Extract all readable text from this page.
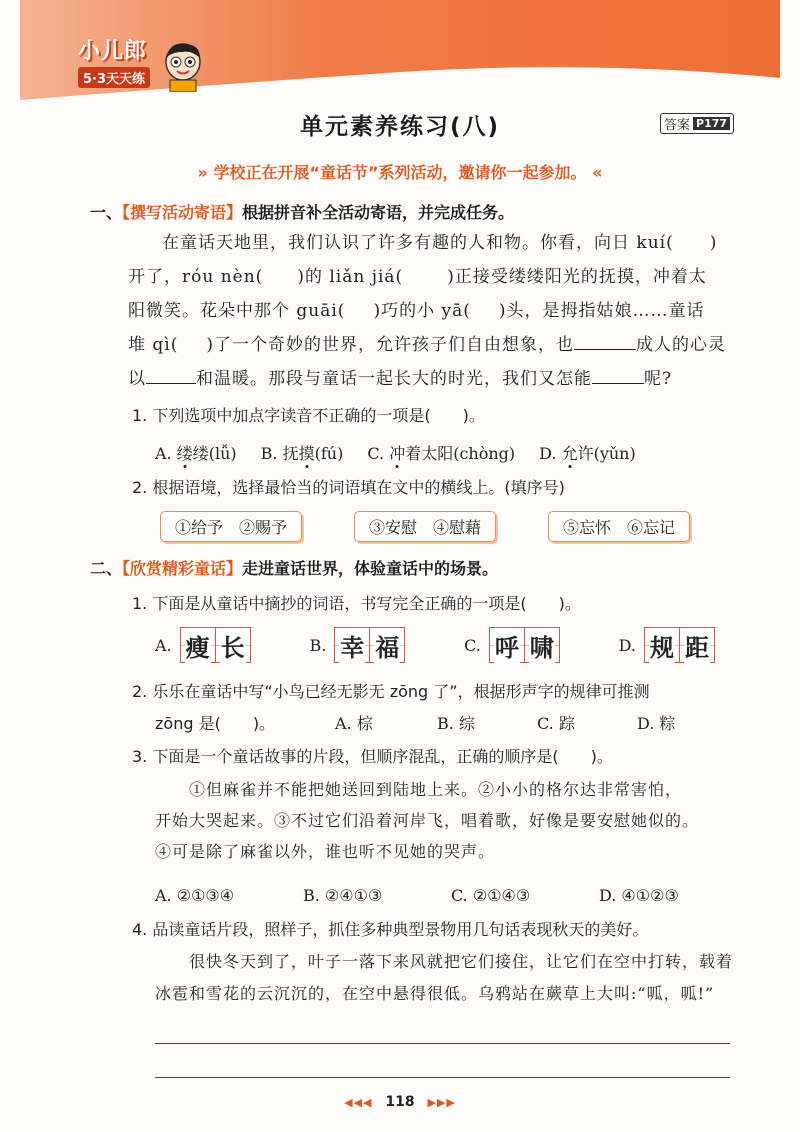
小儿郎
5·3天天练
单元素养练习(八)	答案 P177
» 学校正在开展“童话节”系列活动，邀请你一起参加。 «
一、【撰写活动寄语】根据拼音补全活动寄语，并完成任务。
在童话天地里，我们认识了许多有趣的人和物。你看，向日 kuí( )
开了，róu nèn( )的 liǎn jiá(	)正接受缕缕阳光的抚摸，冲着太
阳微笑。花朵中那个 guāi( )巧的小 yā( )头，是拇指姑娘……童话
堆 qì( )了一个奇妙的世界，允许孩子们自由想象，也	成人的心灵
以	和温暖。那段与童话一起长大的时光，我们又怎能	呢?
1. 下列选项中加点字读音不正确的一项是(　　)。
A. 缕缕(lǚ) B. 抚摸(fú) C. 冲着太阳(chòng) D. 允许(yǔn)
2. 根据语境，选择最恰当的词语填在文中的横线上。(填序号)
①给予　②赐予	③安慰　④慰藉	⑤忘怀　⑥忘记
二、【欣赏精彩童话】走进童话世界，体验童话中的场景。
1. 下面是从童话中摘抄的词语，书写完全正确的一项是(　　)。
A. 瘦 长	B. 幸 福	C. 呼 啸	D. 规 距
2. 乐乐在童话中写“小鸟已经无影无 zōng 了”，根据形声字的规律可推测
zōng 是(　　)。	A. 棕	B. 综	C. 踪	D. 粽
3. 下面是一个童话故事的片段，但顺序混乱，正确的顺序是(　　)。
①但麻雀并不能把她送回到陆地上来。②小小的格尔达非常害怕，
开始大哭起来。③不过它们沿着河岸飞，唱着歌，好像是要安慰她似的。
④可是除了麻雀以外，谁也听不见她的哭声。
A. ②①③④	B. ②④①③	C. ②①④③	D. ④①②③
4. 品读童话片段，照样子，抓住多种典型景物用几句话表现秋天的美好。
很快冬天到了，叶子一落下来风就把它们接住，让它们在空中打转，载着
冰雹和雪花的云沉沉的，在空中悬得很低。乌鸦站在蕨草上大叫:“呱，呱!”
◀◀◀ 118 ▶▶▶
